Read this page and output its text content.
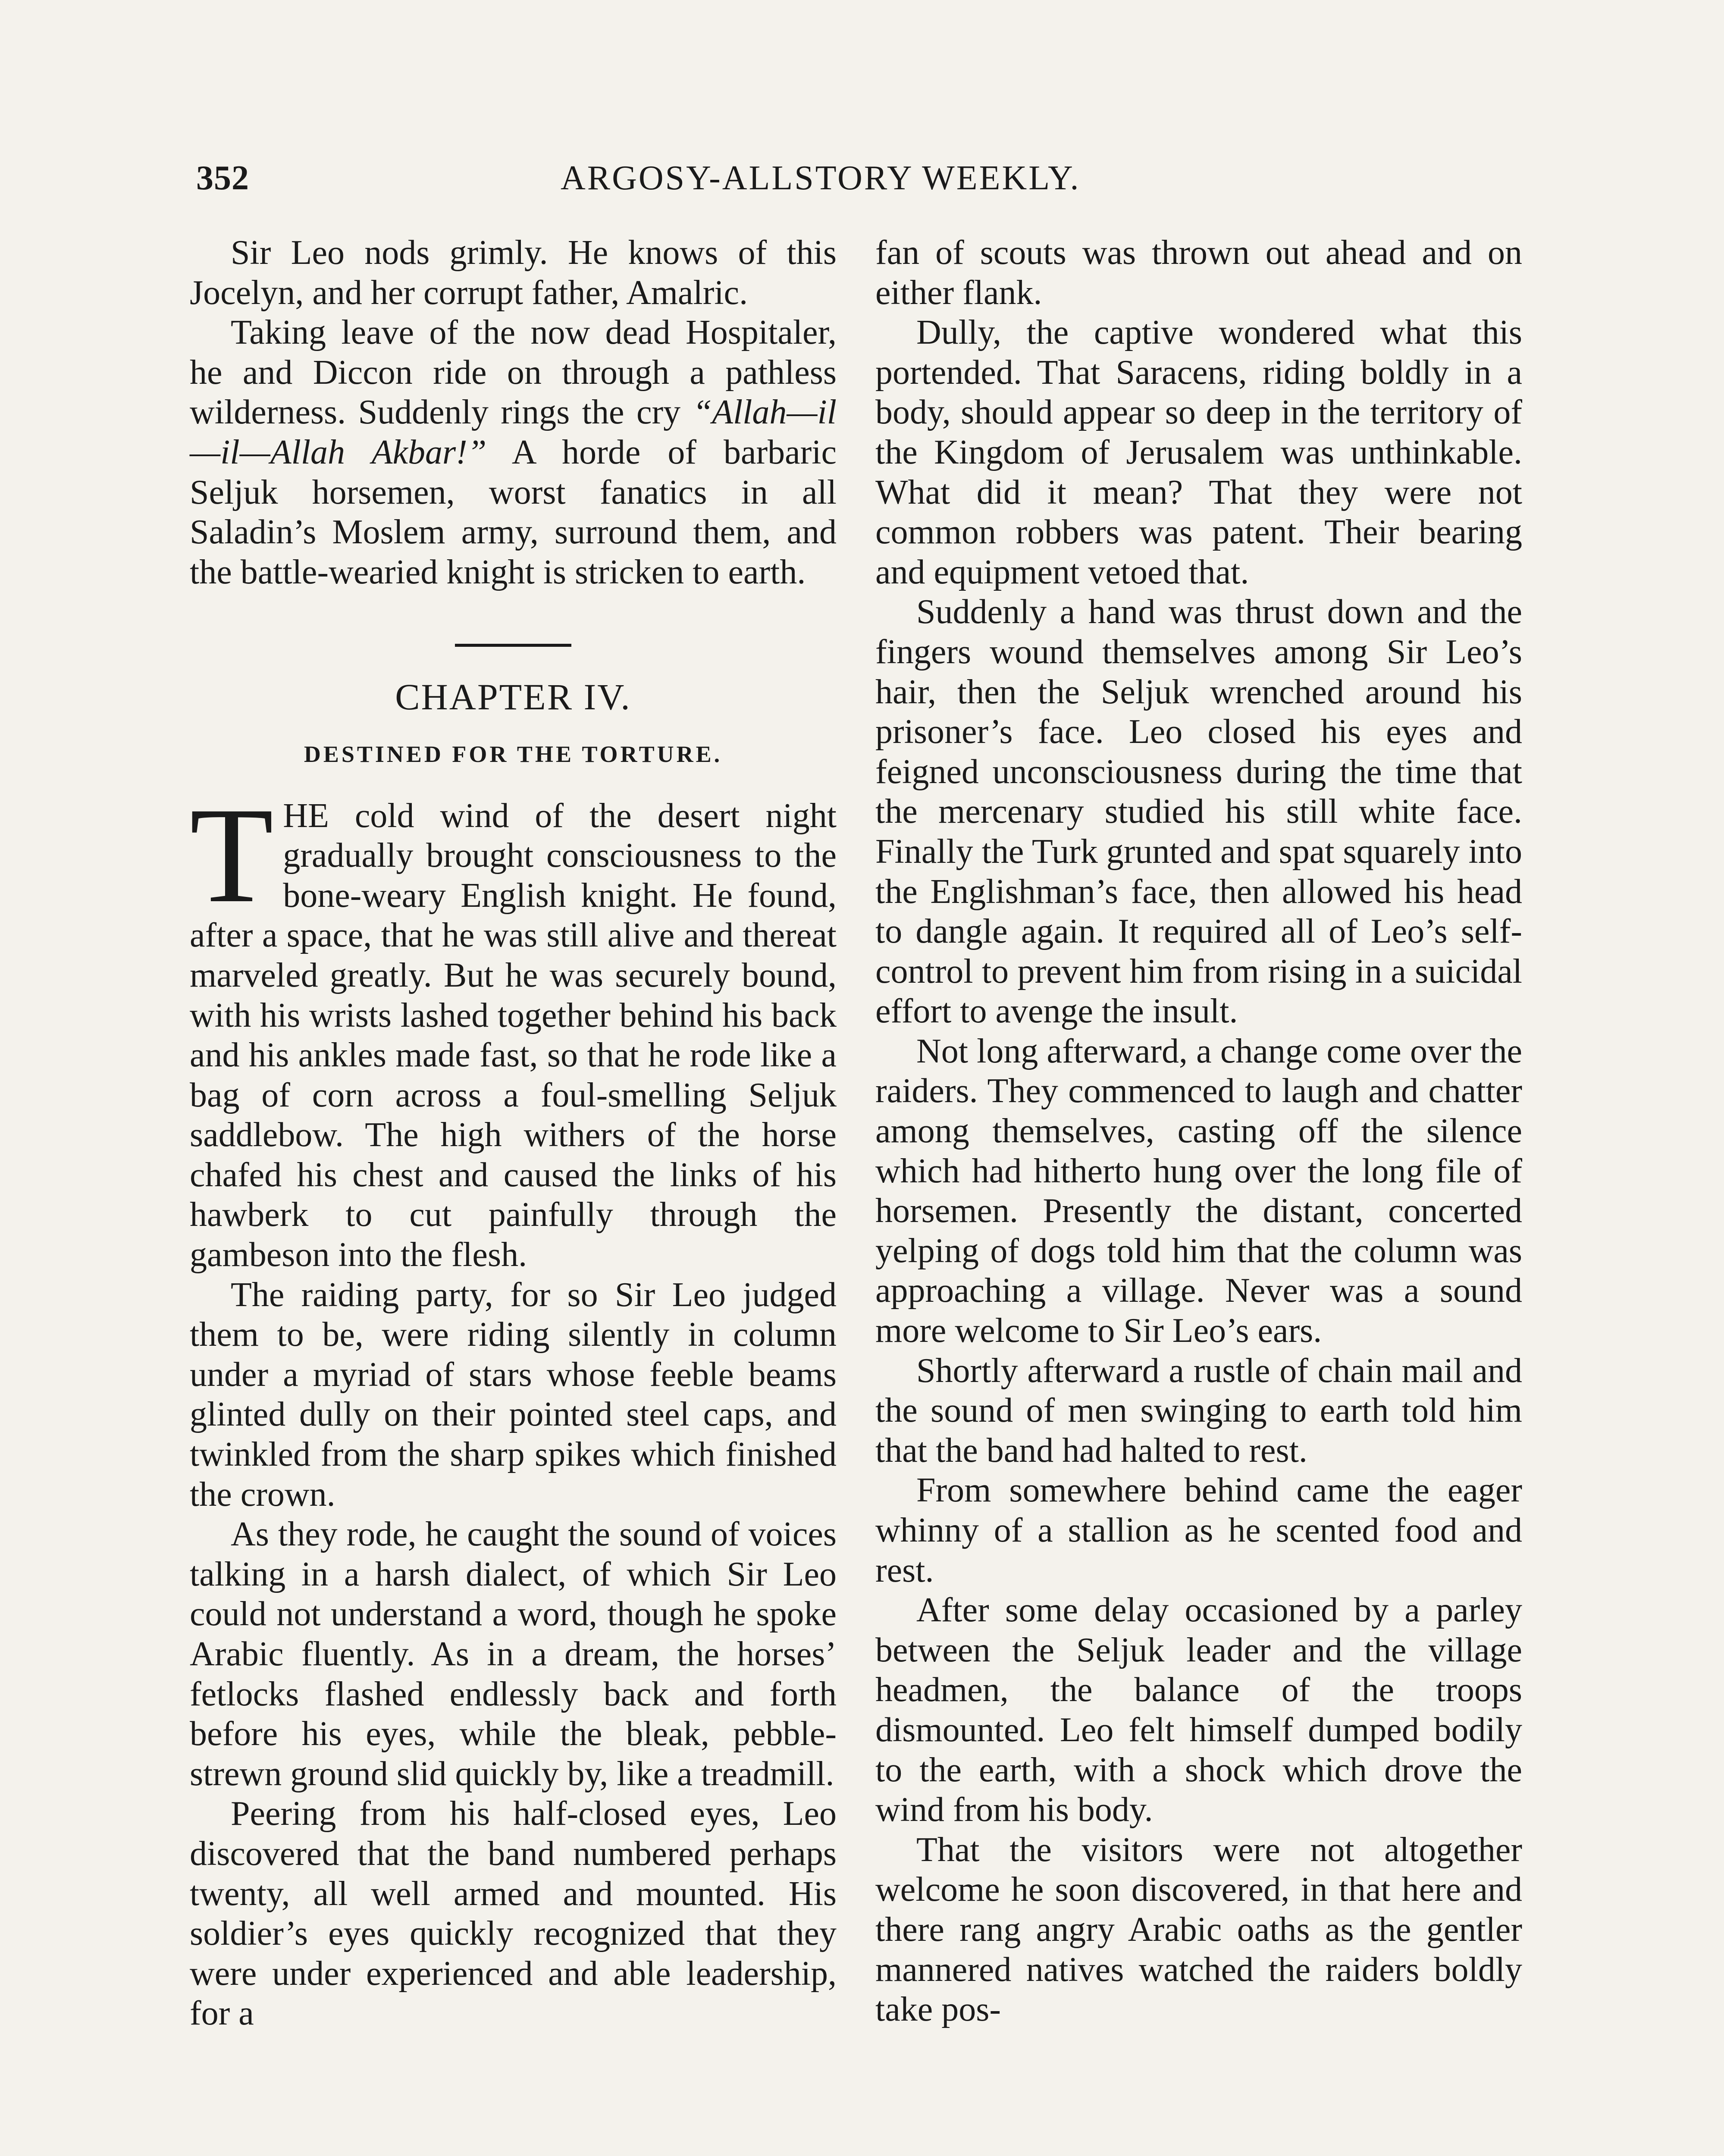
352	ARGOSY-ALLSTORY WEEKLY.

Sir Leo nods grimly. He knows of this Jocelyn, and her corrupt father, Amalric.

Taking leave of the now dead Hospitaler, he and Diccon ride on through a pathless wilderness. Suddenly rings the cry “Allah—il—il—Allah Akbar!” A horde of barbaric Seljuk horsemen, worst fanatics in all Saladin’s Moslem army, surround them, and the battle-wearied knight is stricken to earth.

CHAPTER IV.
DESTINED FOR THE TORTURE.

THE cold wind of the desert night gradually brought consciousness to the bone-weary English knight. He found, after a space, that he was still alive and thereat marveled greatly. But he was securely bound, with his wrists lashed together behind his back and his ankles made fast, so that he rode like a bag of corn across a foul-smelling Seljuk saddlebow. The high withers of the horse chafed his chest and caused the links of his hawberk to cut painfully through the gambeson into the flesh.

The raiding party, for so Sir Leo judged them to be, were riding silently in column under a myriad of stars whose feeble beams glinted dully on their pointed steel caps, and twinkled from the sharp spikes which finished the crown.

As they rode, he caught the sound of voices talking in a harsh dialect, of which Sir Leo could not understand a word, though he spoke Arabic fluently. As in a dream, the horses’ fetlocks flashed endlessly back and forth before his eyes, while the bleak, pebble-strewn ground slid quickly by, like a treadmill.

Peering from his half-closed eyes, Leo discovered that the band numbered perhaps twenty, all well armed and mounted. His soldier’s eyes quickly recognized that they were under experienced and able leadership, for a

fan of scouts was thrown out ahead and on either flank.

Dully, the captive wondered what this portended. That Saracens, riding boldly in a body, should appear so deep in the territory of the Kingdom of Jerusalem was unthinkable. What did it mean? That they were not common robbers was patent. Their bearing and equipment vetoed that.

Suddenly a hand was thrust down and the fingers wound themselves among Sir Leo’s hair, then the Seljuk wrenched around his prisoner’s face. Leo closed his eyes and feigned unconsciousness during the time that the mercenary studied his still white face. Finally the Turk grunted and spat squarely into the Englishman’s face, then allowed his head to dangle again. It required all of Leo’s self-control to prevent him from rising in a suicidal effort to avenge the insult.

Not long afterward, a change come over the raiders. They commenced to laugh and chatter among themselves, casting off the silence which had hitherto hung over the long file of horsemen. Presently the distant, concerted yelping of dogs told him that the column was approaching a village. Never was a sound more welcome to Sir Leo’s ears.

Shortly afterward a rustle of chain mail and the sound of men swinging to earth told him that the band had halted to rest.

From somewhere behind came the eager whinny of a stallion as he scented food and rest.

After some delay occasioned by a parley between the Seljuk leader and the village headmen, the balance of the troops dismounted. Leo felt himself dumped bodily to the earth, with a shock which drove the wind from his body.

That the visitors were not altogether welcome he soon discovered, in that here and there rang angry Arabic oaths as the gentler mannered natives watched the raiders boldly take pos-
